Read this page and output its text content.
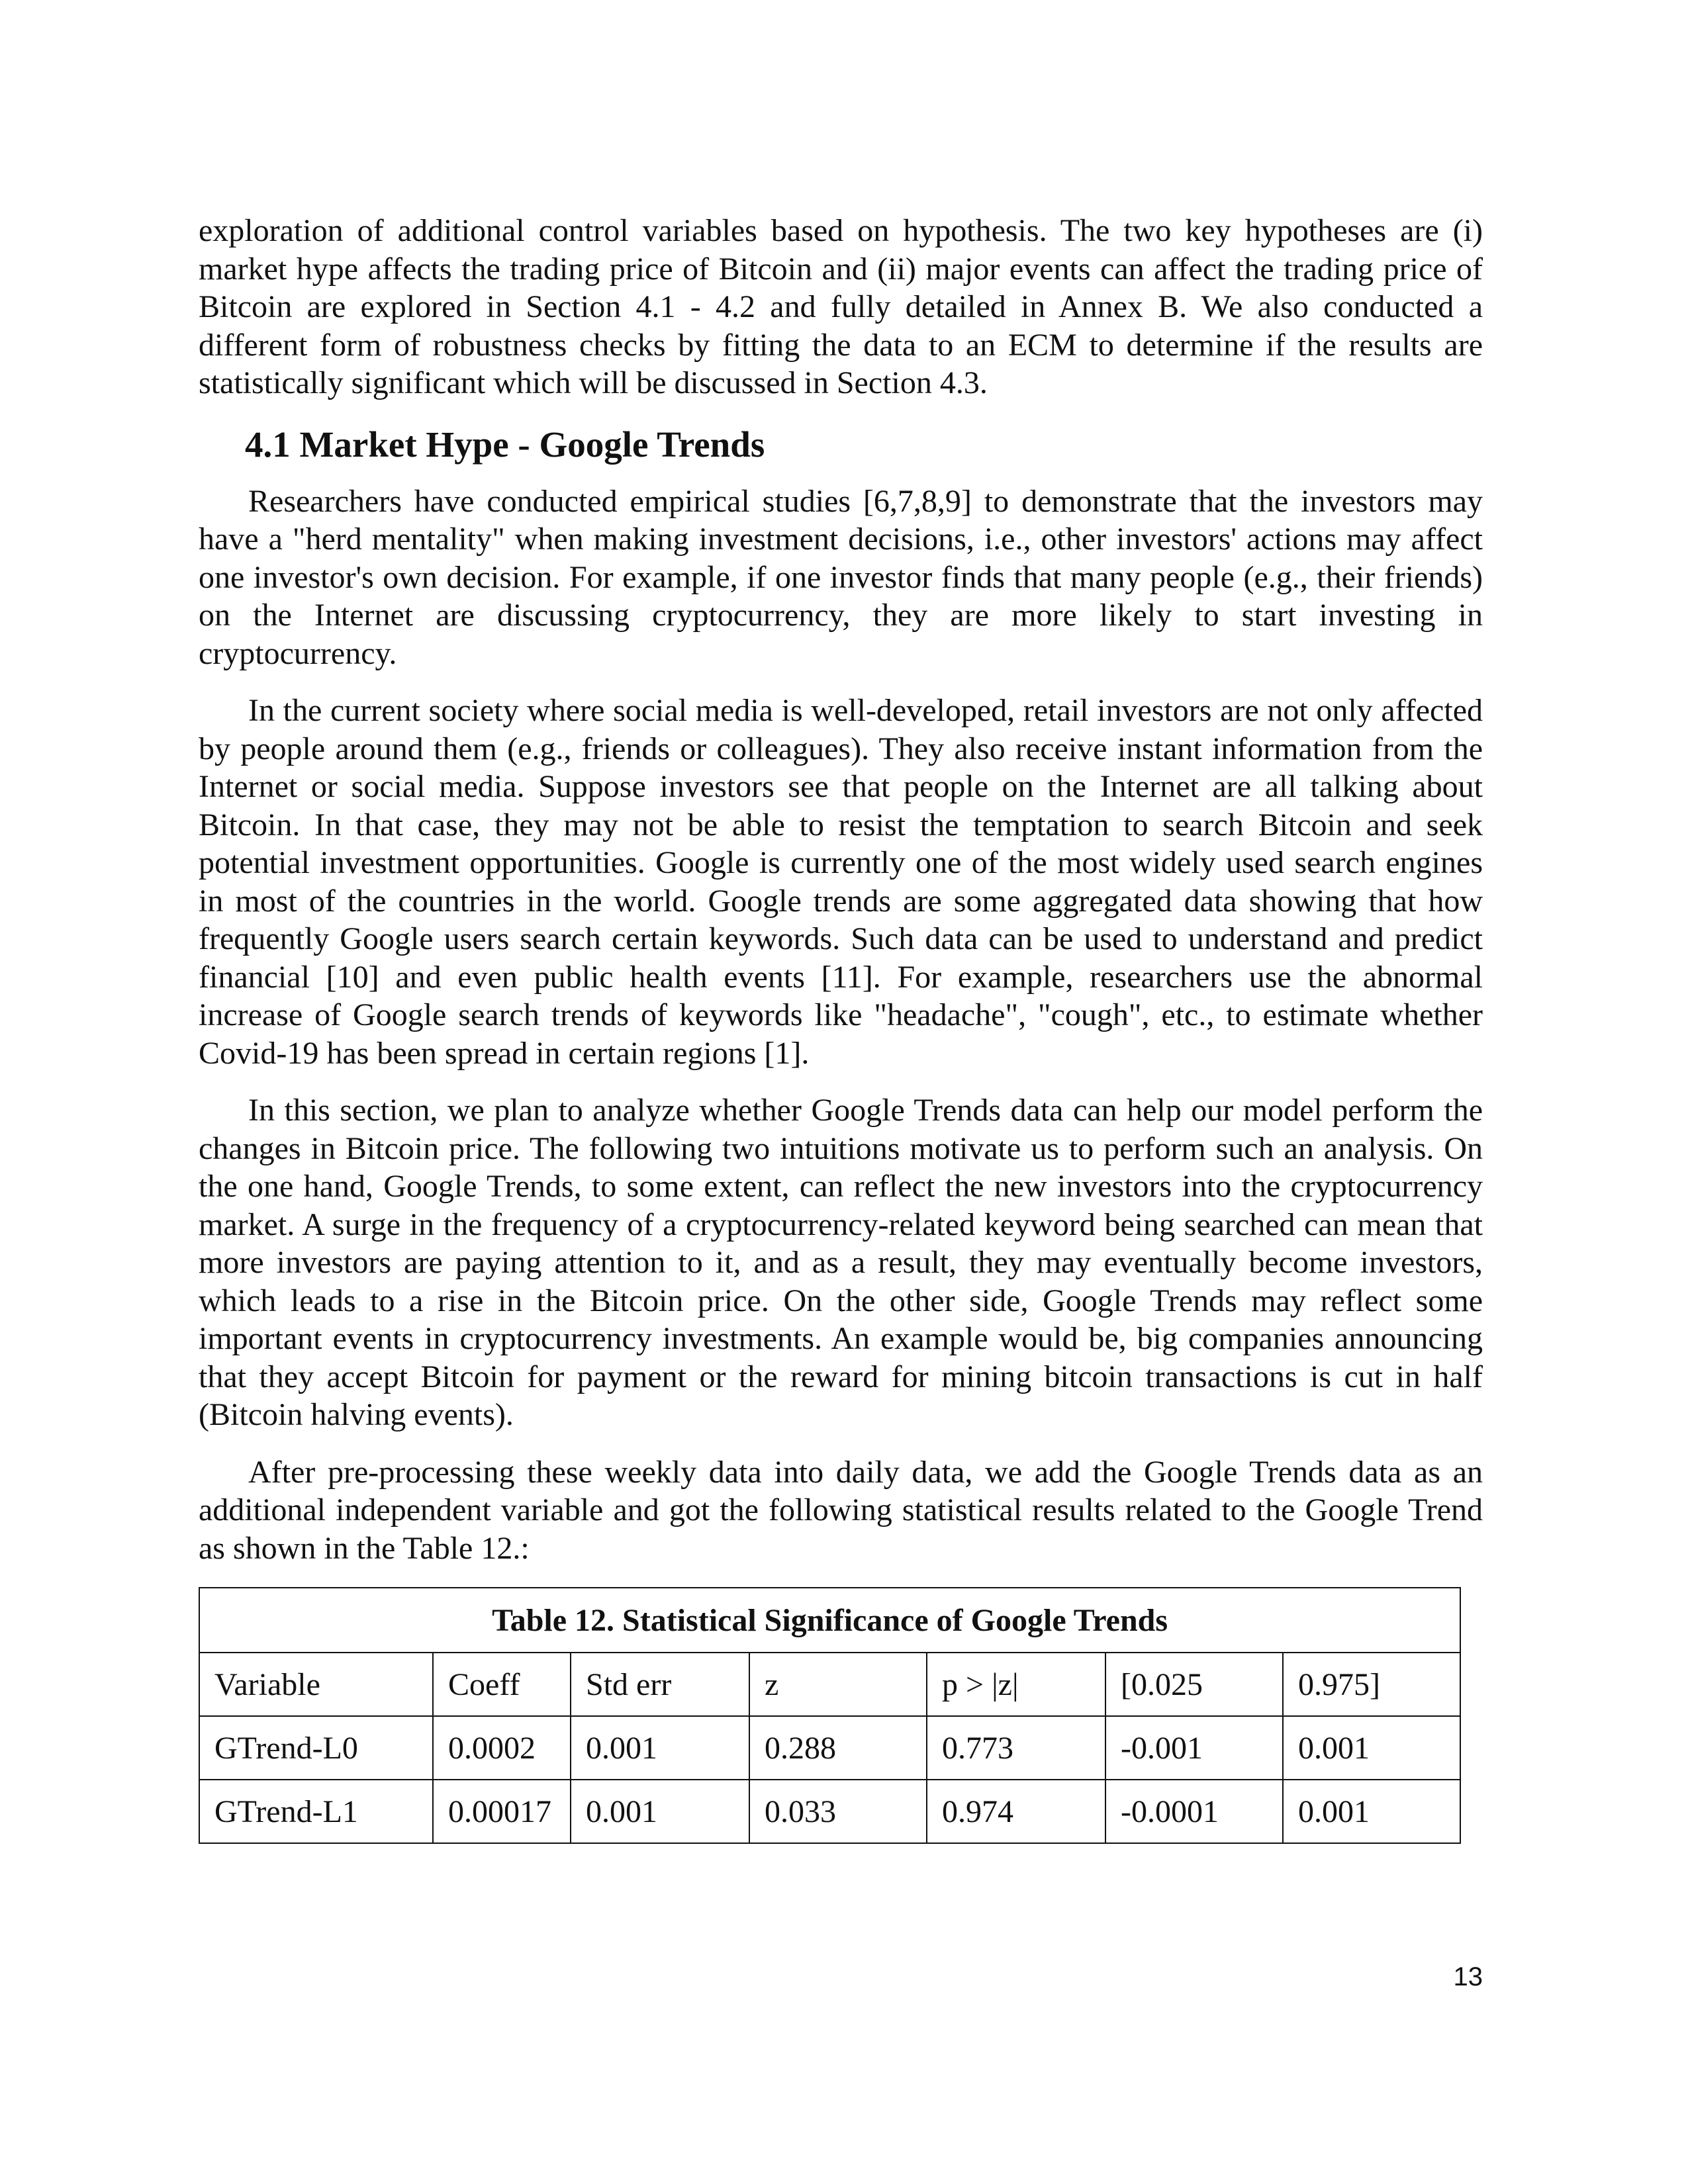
exploration of additional control variables based on hypothesis. The two key hypotheses are (i) market hype affects the trading price of Bitcoin and (ii) major events can affect the trading price of Bitcoin are explored in Section 4.1 - 4.2 and fully detailed in Annex B. We also conducted a different form of robustness checks by fitting the data to an ECM to determine if the results are statistically significant which will be discussed in Section 4.3.

4.1 Market Hype - Google Trends

Researchers have conducted empirical studies [6,7,8,9] to demonstrate that the investors may have a "herd mentality" when making investment decisions, i.e., other investors' actions may affect one investor's own decision. For example, if one investor finds that many people (e.g., their friends) on the Internet are discussing cryptocurrency, they are more likely to start investing in cryptocurrency.

In the current society where social media is well-developed, retail investors are not only affected by people around them (e.g., friends or colleagues). They also receive instant information from the Internet or social media. Suppose investors see that people on the Internet are all talking about Bitcoin. In that case, they may not be able to resist the temptation to search Bitcoin and seek potential investment opportunities. Google is currently one of the most widely used search engines in most of the countries in the world. Google trends are some aggregated data showing that how frequently Google users search certain keywords. Such data can be used to understand and predict financial [10] and even public health events [11]. For example, researchers use the abnormal increase of Google search trends of keywords like "headache", "cough", etc., to estimate whether Covid-19 has been spread in certain regions [1].

In this section, we plan to analyze whether Google Trends data can help our model perform the changes in Bitcoin price. The following two intuitions motivate us to perform such an analysis. On the one hand, Google Trends, to some extent, can reflect the new investors into the cryptocurrency market. A surge in the frequency of a cryptocurrency-related keyword being searched can mean that more investors are paying attention to it, and as a result, they may eventually become investors, which leads to a rise in the Bitcoin price. On the other side, Google Trends may reflect some important events in cryptocurrency investments. An example would be, big companies announcing that they accept Bitcoin for payment or the reward for mining bitcoin transactions is cut in half (Bitcoin halving events).

After pre-processing these weekly data into daily data, we add the Google Trends data as an additional independent variable and got the following statistical results related to the Google Trend as shown in the Table 12.:

Table 12. Statistical Significance of Google Trends						
Variable	Coeff	Std err	z	p > |z|	[0.025	0.975]
GTrend-L0	0.0002	0.001	0.288	0.773	-0.001	0.001
GTrend-L1	0.00017	0.001	0.033	0.974	-0.0001	0.001
13
